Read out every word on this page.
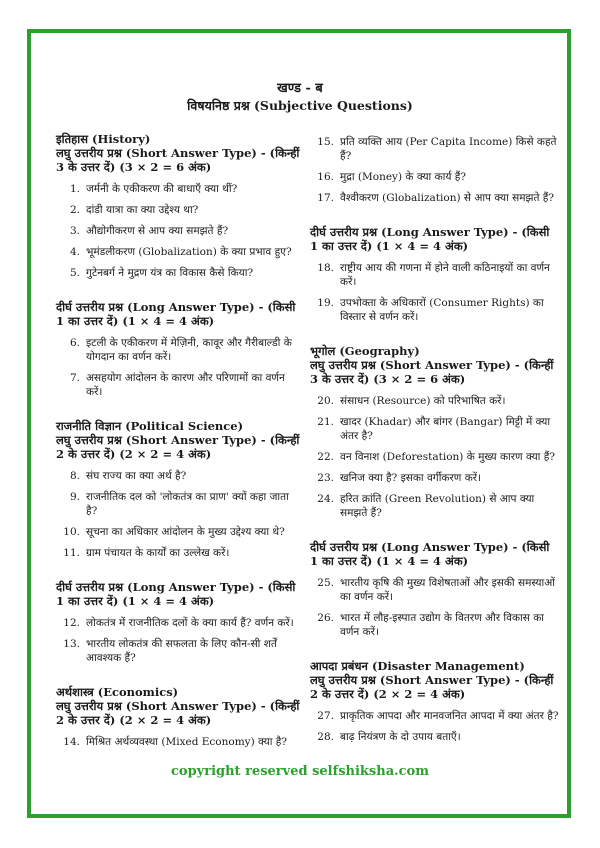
खण्ड - ब
विषयनिष्ठ प्रश्न (Subjective Questions)
इतिहास (History)
लघु उत्तरीय प्रश्न (Short Answer Type) - (किन्हीं 3 के उत्तर दें) (3 × 2 = 6 अंक)
1. जर्मनी के एकीकरण की बाधाएँ क्या थीं?
2. दांडी यात्रा का क्या उद्देश्य था?
3. औद्योगीकरण से आप क्या समझते हैं?
4. भूमंडलीकरण (Globalization) के क्या प्रभाव हुए?
5. गुटेनबर्ग ने मुद्रण यंत्र का विकास कैसे किया?
दीर्घ उत्तरीय प्रश्न (Long Answer Type) - (किसी 1 का उत्तर दें) (1 × 4 = 4 अंक)
6. इटली के एकीकरण में मेज़िनी, कावूर और गैरीबाल्डी के योगदान का वर्णन करें।
7. असहयोग आंदोलन के कारण और परिणामों का वर्णन करें।
राजनीति विज्ञान (Political Science)
लघु उत्तरीय प्रश्न (Short Answer Type) - (किन्हीं 2 के उत्तर दें) (2 × 2 = 4 अंक)
8. संघ राज्य का क्या अर्थ है?
9. राजनीतिक दल को 'लोकतंत्र का प्राण' क्यों कहा जाता है?
10. सूचना का अधिकार आंदोलन के मुख्य उद्देश्य क्या थे?
11. ग्राम पंचायत के कार्यों का उल्लेख करें।
दीर्घ उत्तरीय प्रश्न (Long Answer Type) - (किसी 1 का उत्तर दें) (1 × 4 = 4 अंक)
12. लोकतंत्र में राजनीतिक दलों के क्या कार्य हैं? वर्णन करें।
13. भारतीय लोकतंत्र की सफलता के लिए कौन-सी शर्तें आवश्यक हैं?
अर्थशास्त्र (Economics)
लघु उत्तरीय प्रश्न (Short Answer Type) - (किन्हीं 2 के उत्तर दें) (2 × 2 = 4 अंक)
14. मिश्रित अर्थव्यवस्था (Mixed Economy) क्या है?
15. प्रति व्यक्ति आय (Per Capita Income) किसे कहते हैं?
16. मुद्रा (Money) के क्या कार्य हैं?
17. वैश्वीकरण (Globalization) से आप क्या समझते हैं?
दीर्घ उत्तरीय प्रश्न (Long Answer Type) - (किसी 1 का उत्तर दें) (1 × 4 = 4 अंक)
18. राष्ट्रीय आय की गणना में होने वाली कठिनाइयों का वर्णन करें।
19. उपभोक्ता के अधिकारों (Consumer Rights) का विस्तार से वर्णन करें।
भूगोल (Geography)
लघु उत्तरीय प्रश्न (Short Answer Type) - (किन्हीं 3 के उत्तर दें) (3 × 2 = 6 अंक)
20. संसाधन (Resource) को परिभाषित करें।
21. खादर (Khadar) और बांगर (Bangar) मिट्टी में क्या अंतर है?
22. वन विनाश (Deforestation) के मुख्य कारण क्या हैं?
23. खनिज क्या है? इसका वर्गीकरण करें।
24. हरित क्रांति (Green Revolution) से आप क्या समझते हैं?
दीर्घ उत्तरीय प्रश्न (Long Answer Type) - (किसी 1 का उत्तर दें) (1 × 4 = 4 अंक)
25. भारतीय कृषि की मुख्य विशेषताओं और इसकी समस्याओं का वर्णन करें।
26. भारत में लौह-इस्पात उद्योग के वितरण और विकास का वर्णन करें।
आपदा प्रबंधन (Disaster Management)
लघु उत्तरीय प्रश्न (Short Answer Type) - (किन्हीं 2 के उत्तर दें) (2 × 2 = 4 अंक)
27. प्राकृतिक आपदा और मानवजनित आपदा में क्या अंतर है?
28. बाढ़ नियंत्रण के दो उपाय बताएँ।
copyright reserved selfshiksha.com
